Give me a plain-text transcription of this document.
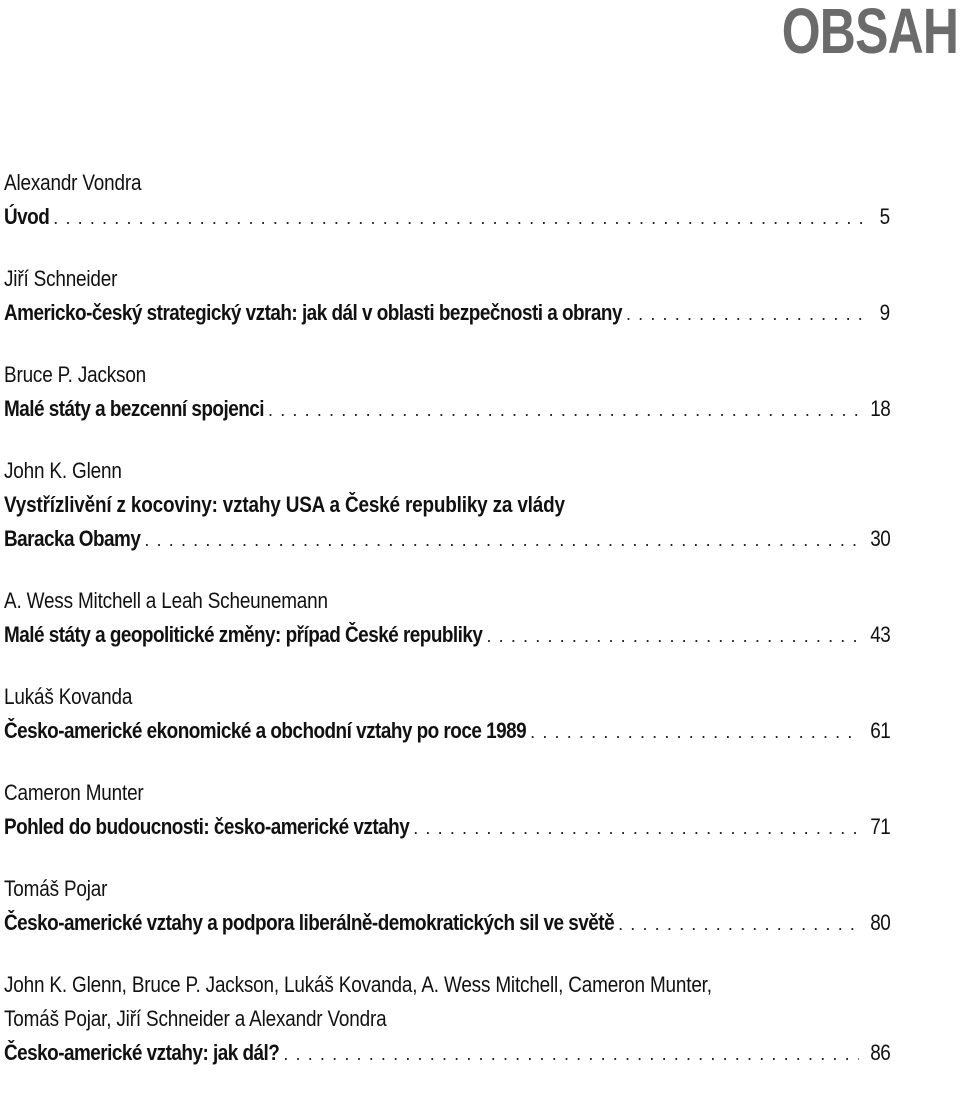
OBSAH
Alexandr Vondra
Úvod . . .	5
Jiří Schneider
Americko-český strategický vztah: jak dál v oblasti bezpečnosti a obrany . . .	9
Bruce P. Jackson
Malé státy a bezcenní spojenci . . .	18
John K. Glenn
Vystřízlivění z kocoviny: vztahy USA a České republiky za vlády
Baracka Obamy . . .	30
A. Wess Mitchell a Leah Scheunemann
Malé státy a geopolitické změny: případ České republiky . . .	43
Lukáš Kovanda
Česko-americké ekonomické a obchodní vztahy po roce 1989 . . .	61
Cameron Munter
Pohled do budoucnosti: česko-americké vztahy . . .	71
Tomáš Pojar
Česko-americké vztahy a podpora liberálně-demokratických sil ve světě . . .	80
John K. Glenn, Bruce P. Jackson, Lukáš Kovanda, A. Wess Mitchell, Cameron Munter,
Tomáš Pojar, Jiří Schneider a Alexandr Vondra
Česko-americké vztahy: jak dál? . . .	86
